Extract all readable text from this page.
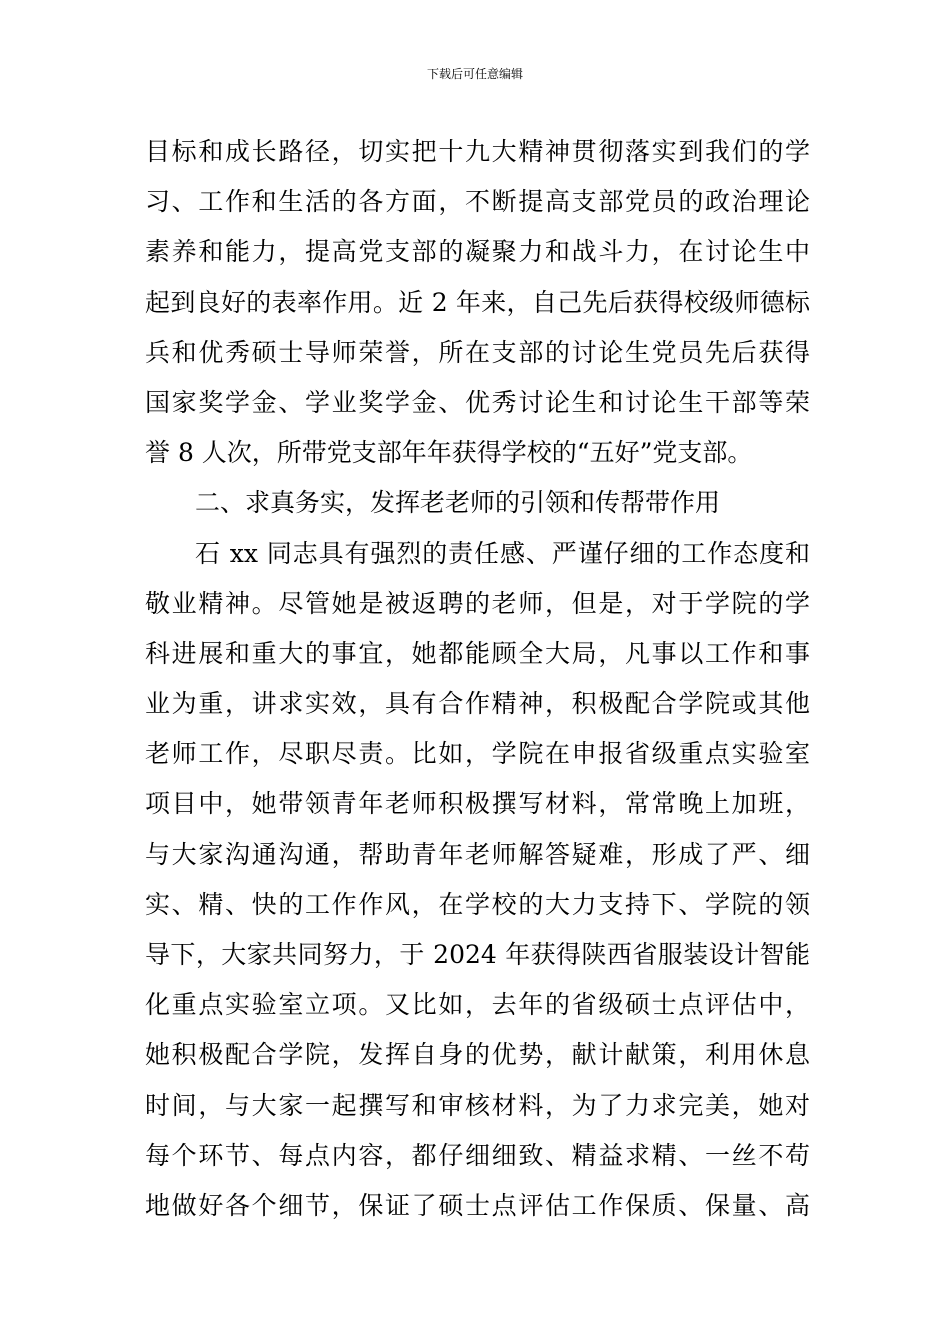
下载后可任意编辑
目标和成长路径，切实把十九大精神贯彻落实到我们的学
习、工作和生活的各方面，不断提高支部党员的政治理论
素养和能力，提高党支部的凝聚力和战斗力，在讨论生中
起到良好的表率作用。近 2 年来，自己先后获得校级师德标
兵和优秀硕士导师荣誉，所在支部的讨论生党员先后获得
国家奖学金、学业奖学金、优秀讨论生和讨论生干部等荣
誉 8 人次，所带党支部年年获得学校的“五好”党支部。
二、求真务实，发挥老老师的引领和传帮带作用
石 xx 同志具有强烈的责任感、严谨仔细的工作态度和
敬业精神。尽管她是被返聘的老师，但是，对于学院的学
科进展和重大的事宜，她都能顾全大局，凡事以工作和事
业为重，讲求实效，具有合作精神，积极配合学院或其他
老师工作，尽职尽责。比如，学院在申报省级重点实验室
项目中，她带领青年老师积极撰写材料，常常晚上加班，
与大家沟通沟通，帮助青年老师解答疑难，形成了严、细
实、精、快的工作作风，在学校的大力支持下、学院的领
导下，大家共同努力，于 2024 年获得陕西省服装设计智能
化重点实验室立项。又比如，去年的省级硕士点评估中，
她积极配合学院，发挥自身的优势，献计献策，利用休息
时间，与大家一起撰写和审核材料，为了力求完美，她对
每个环节、每点内容，都仔细细致、精益求精、一丝不苟
地做好各个细节，保证了硕士点评估工作保质、保量、高
